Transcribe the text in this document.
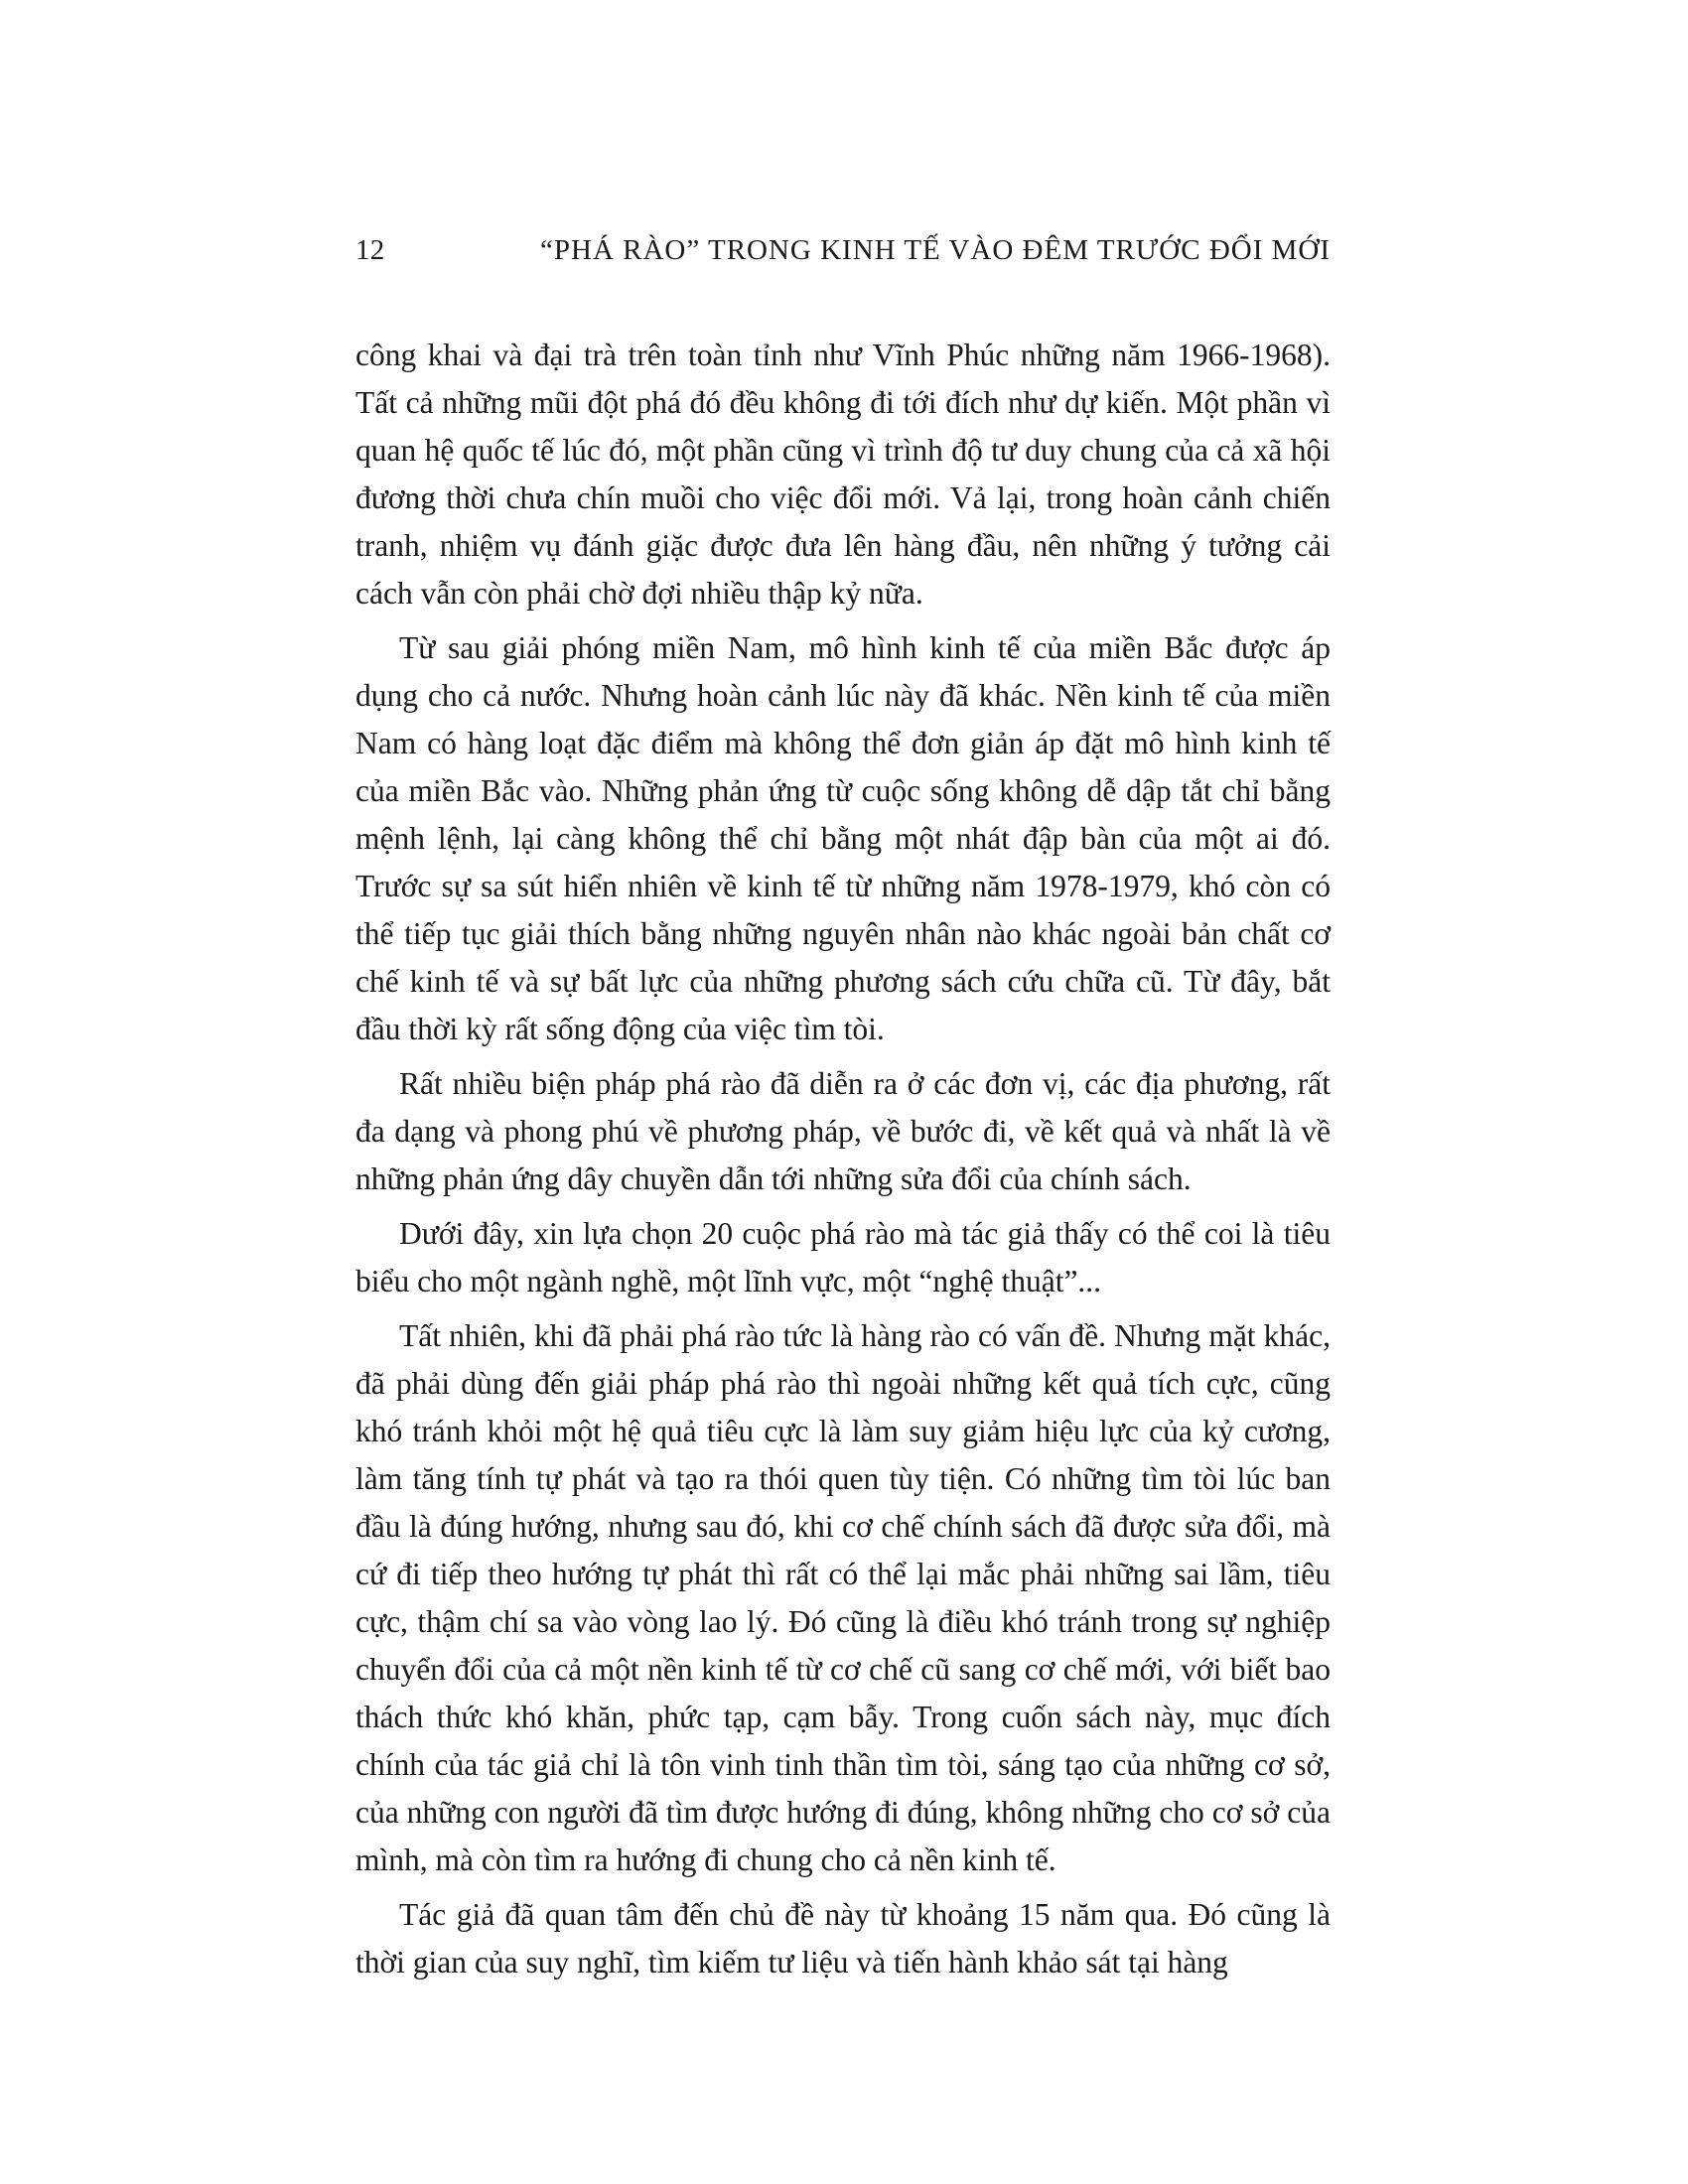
12	“PHÁ RÀO” TRONG KINH TẾ VÀO ĐÊM TRƯỚC ĐỔI MỚI

công khai và đại trà trên toàn tỉnh như Vĩnh Phúc những năm 1966-1968). Tất cả những mũi đột phá đó đều không đi tới đích như dự kiến. Một phần vì quan hệ quốc tế lúc đó, một phần cũng vì trình độ tư duy chung của cả xã hội đương thời chưa chín muồi cho việc đổi mới. Vả lại, trong hoàn cảnh chiến tranh, nhiệm vụ đánh giặc được đưa lên hàng đầu, nên những ý tưởng cải cách vẫn còn phải chờ đợi nhiều thập kỷ nữa.

Từ sau giải phóng miền Nam, mô hình kinh tế của miền Bắc được áp dụng cho cả nước. Nhưng hoàn cảnh lúc này đã khác. Nền kinh tế của miền Nam có hàng loạt đặc điểm mà không thể đơn giản áp đặt mô hình kinh tế của miền Bắc vào. Những phản ứng từ cuộc sống không dễ dập tắt chỉ bằng mệnh lệnh, lại càng không thể chỉ bằng một nhát đập bàn của một ai đó. Trước sự sa sút hiển nhiên về kinh tế từ những năm 1978-1979, khó còn có thể tiếp tục giải thích bằng những nguyên nhân nào khác ngoài bản chất cơ chế kinh tế và sự bất lực của những phương sách cứu chữa cũ. Từ đây, bắt đầu thời kỳ rất sống động của việc tìm tòi.

Rất nhiều biện pháp phá rào đã diễn ra ở các đơn vị, các địa phương, rất đa dạng và phong phú về phương pháp, về bước đi, về kết quả và nhất là về những phản ứng dây chuyền dẫn tới những sửa đổi của chính sách.

Dưới đây, xin lựa chọn 20 cuộc phá rào mà tác giả thấy có thể coi là tiêu biểu cho một ngành nghề, một lĩnh vực, một “nghệ thuật”...

Tất nhiên, khi đã phải phá rào tức là hàng rào có vấn đề. Nhưng mặt khác, đã phải dùng đến giải pháp phá rào thì ngoài những kết quả tích cực, cũng khó tránh khỏi một hệ quả tiêu cực là làm suy giảm hiệu lực của kỷ cương, làm tăng tính tự phát và tạo ra thói quen tùy tiện. Có những tìm tòi lúc ban đầu là đúng hướng, nhưng sau đó, khi cơ chế chính sách đã được sửa đổi, mà cứ đi tiếp theo hướng tự phát thì rất có thể lại mắc phải những sai lầm, tiêu cực, thậm chí sa vào vòng lao lý. Đó cũng là điều khó tránh trong sự nghiệp chuyển đổi của cả một nền kinh tế từ cơ chế cũ sang cơ chế mới, với biết bao thách thức khó khăn, phức tạp, cạm bẫy. Trong cuốn sách này, mục đích chính của tác giả chỉ là tôn vinh tinh thần tìm tòi, sáng tạo của những cơ sở, của những con người đã tìm được hướng đi đúng, không những cho cơ sở của mình, mà còn tìm ra hướng đi chung cho cả nền kinh tế.

Tác giả đã quan tâm đến chủ đề này từ khoảng 15 năm qua. Đó cũng là thời gian của suy nghĩ, tìm kiếm tư liệu và tiến hành khảo sát tại hàng
